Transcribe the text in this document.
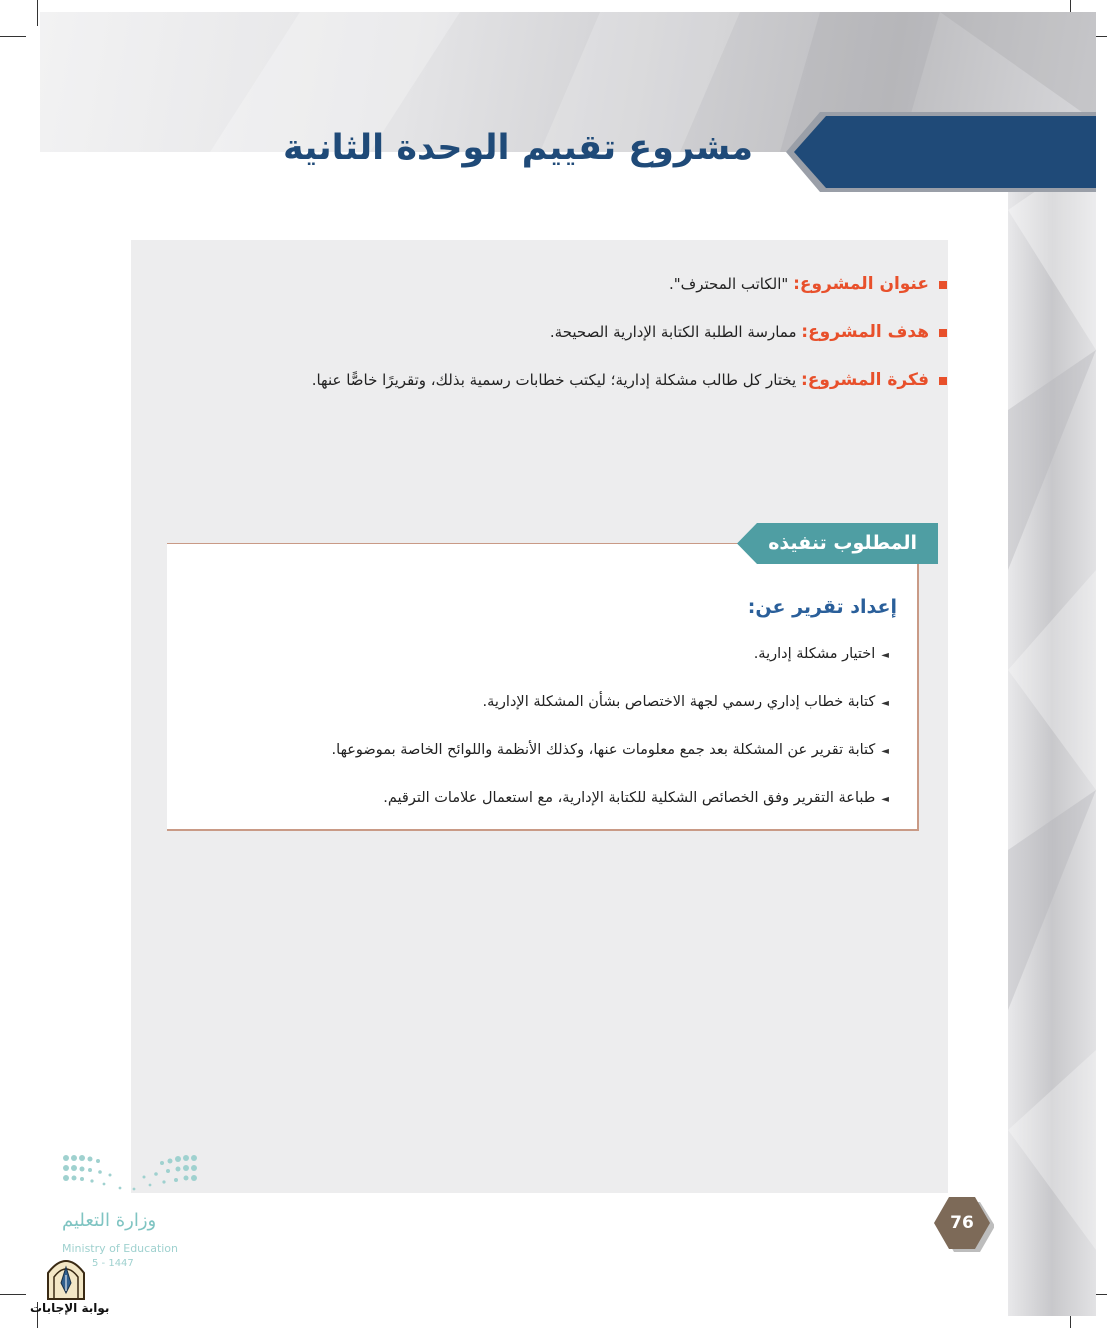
مشروع تقييم الوحدة الثانية
عنوان المشروع: "الكاتب المحترف".
هدف المشروع: ممارسة الطلبة الكتابة الإدارية الصحيحة.
فكرة المشروع: يختار كل طالب مشكلة إدارية؛ ليكتب خطابات رسمية بذلك، وتقريرًا خاصًّا عنها.
المطلوب تنفيذه
إعداد تقرير عن:
◄اختيار مشكلة إدارية.
◄كتابة خطاب إداري رسمي لجهة الاختصاص بشأن المشكلة الإدارية.
◄كتابة تقرير عن المشكلة بعد جمع معلومات عنها، وكذلك الأنظمة واللوائح الخاصة بموضوعها.
◄طباعة التقرير وفق الخصائص الشكلية للكتابة الإدارية، مع استعمال علامات الترقيم.
76
وزارة التعليم
Ministry of Education
5 - 1447
بوابة الإجابات
